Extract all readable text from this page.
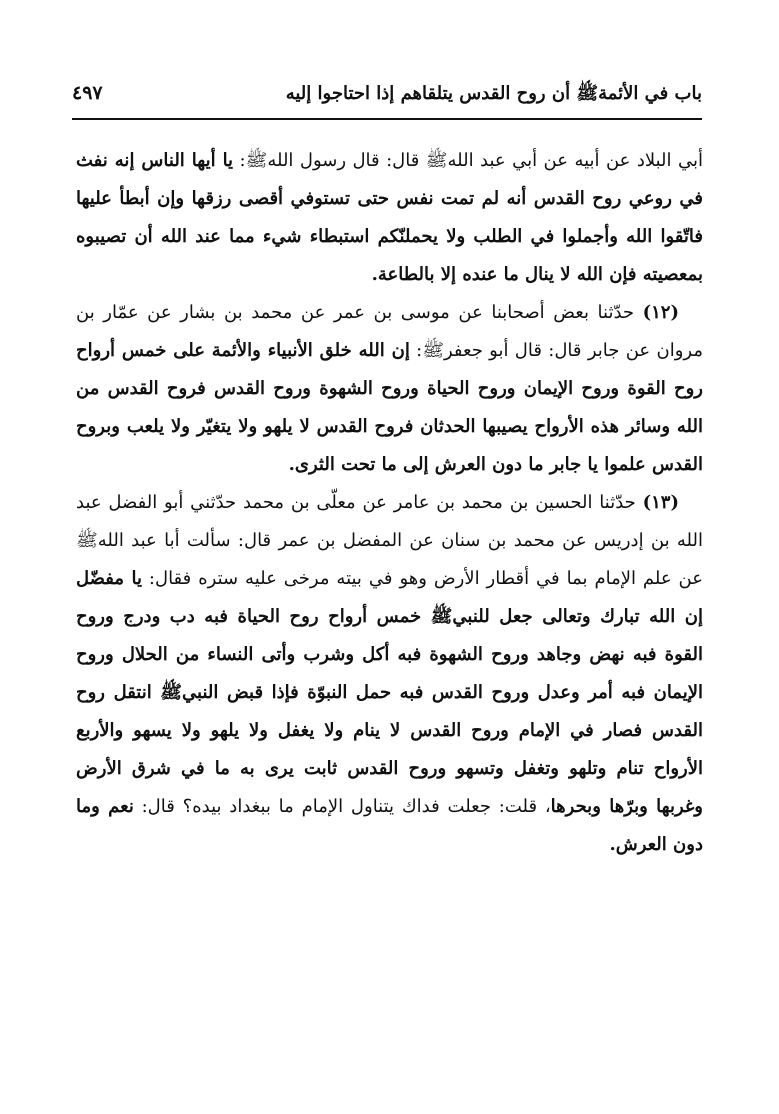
باب في الأئمةﷺ أن روح القدس يتلقاهم إذا احتاجوا إليه
٤٩٧

أبي البلاد عن أبيه عن أبي عبد اللهﷺ قال: قال رسول اللهﷺ: يا أيها الناس إنه نفث في روعي روح القدس أنه لم تمت نفس حتى تستوفي أقصى رزقها وإن أبطأ عليها فاتّقوا الله وأجملوا في الطلب ولا يحملنّكم استبطاء شيء مما عند الله أن تصيبوه بمعصيته فإن الله لا ينال ما عنده إلا بالطاعة.

(١٢) حدّثنا بعض أصحابنا عن موسى بن عمر عن محمد بن بشار عن عمّار بن مروان عن جابر قال: قال أبو جعفرﷺ: إن الله خلق الأنبياء والأئمة على خمس أرواح روح القوة وروح الإيمان وروح الحياة وروح الشهوة وروح القدس فروح القدس من الله وسائر هذه الأرواح يصيبها الحدثان فروح القدس لا يلهو ولا يتغيّر ولا يلعب وبروح القدس علموا يا جابر ما دون العرش إلى ما تحت الثرى.

(١٣) حدّثنا الحسين بن محمد بن عامر عن معلّى بن محمد حدّثني أبو الفضل عبد الله بن إدريس عن محمد بن سنان عن المفضل بن عمر قال: سألت أبا عبد اللهﷺ عن علم الإمام بما في أقطار الأرض وهو في بيته مرخى عليه ستره فقال: يا مفضّل إن الله تبارك وتعالى جعل للنبيﷺ خمس أرواح روح الحياة فبه دب ودرج وروح القوة فبه نهض وجاهد وروح الشهوة فبه أكل وشرب وأتى النساء من الحلال وروح الإيمان فبه أمر وعدل وروح القدس فبه حمل النبوّة فإذا قبض النبيﷺ انتقل روح القدس فصار في الإمام وروح القدس لا ينام ولا يغفل ولا يلهو ولا يسهو والأربع الأرواح تنام وتلهو وتغفل وتسهو وروح القدس ثابت يرى به ما في شرق الأرض وغربها وبرّها وبحرها، قلت: جعلت فداك يتناول الإمام ما ببغداد بيده؟ قال: نعم وما دون العرش.
